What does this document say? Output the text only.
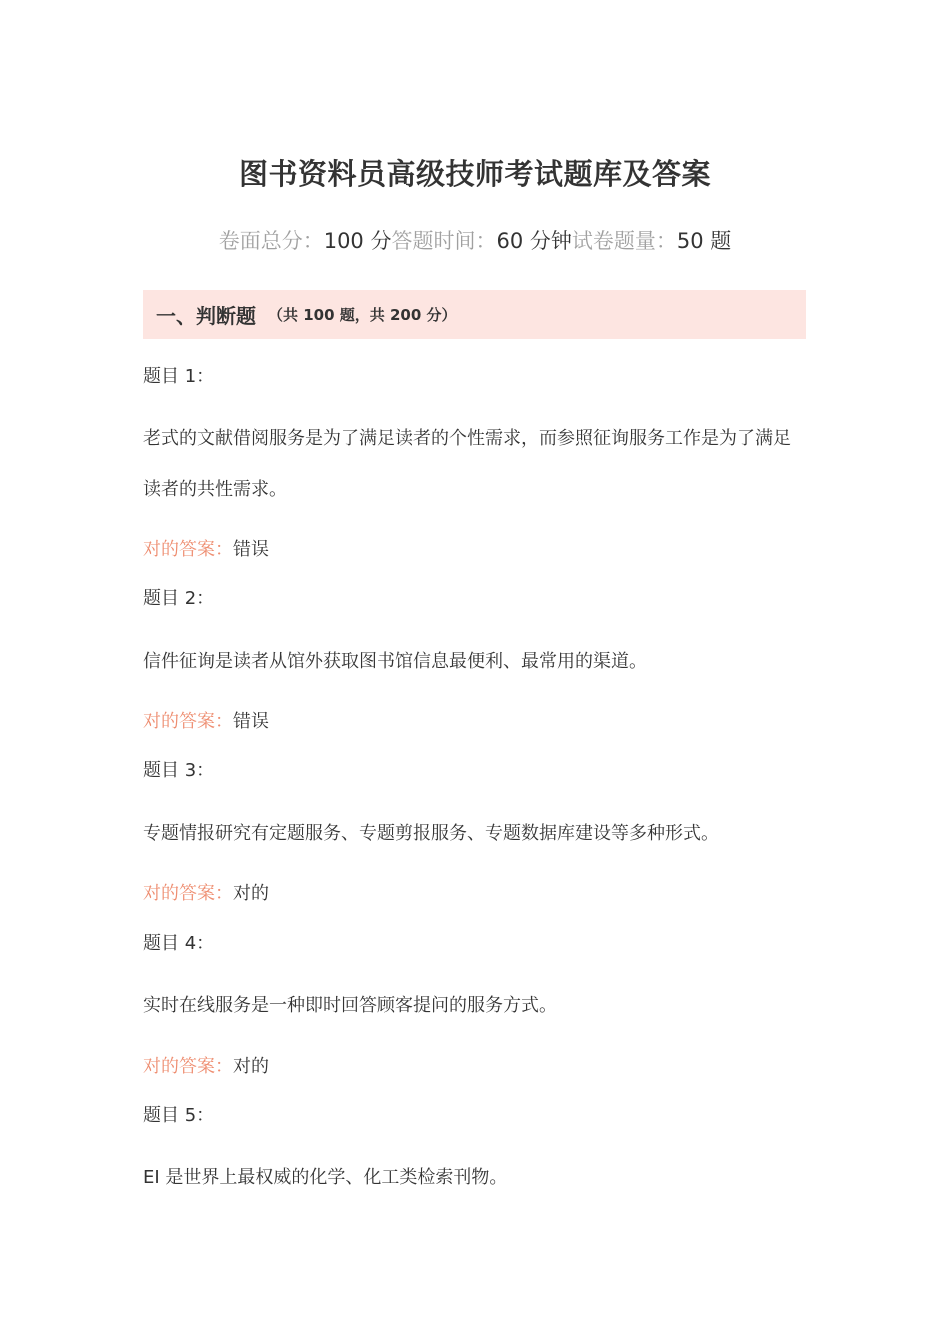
图书资料员高级技师考试题库及答案
卷面总分：100 分答题时间：60 分钟试卷题量：50 题
一、判断题 （共 100 题，共 200 分）
题目 1：
老式的文献借阅服务是为了满足读者的个性需求，而参照征询服务工作是为了满足读者的共性需求。
对的答案：错误
题目 2：
信件征询是读者从馆外获取图书馆信息最便利、最常用的渠道。
对的答案：错误
题目 3：
专题情报研究有定题服务、专题剪报服务、专题数据库建设等多种形式。
对的答案：对的
题目 4：
实时在线服务是一种即时回答顾客提问的服务方式。
对的答案：对的
题目 5：
EI 是世界上最权威的化学、化工类检索刊物。
